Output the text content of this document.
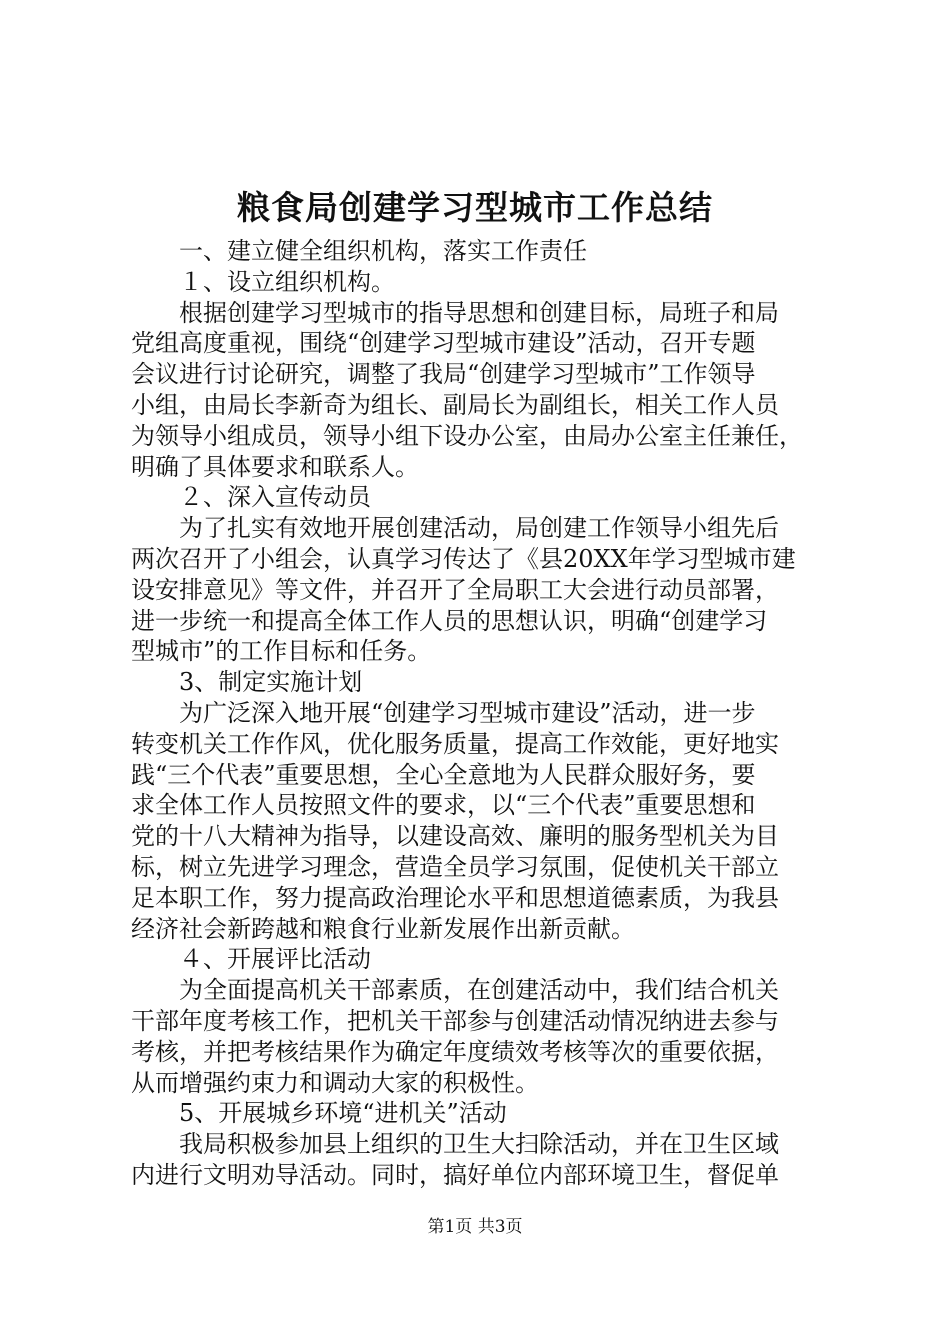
粮食局创建学习型城市工作总结
一、建立健全组织机构，落实工作责任
１、设立组织机构。
根据创建学习型城市的指导思想和创建目标，局班子和局
党组高度重视，围绕“创建学习型城市建设”活动，召开专题
会议进行讨论研究，调整了我局“创建学习型城市”工作领导
小组，由局长李新奇为组长、副局长为副组长，相关工作人员
为领导小组成员，领导小组下设办公室，由局办公室主任兼任，
明确了具体要求和联系人。
２、深入宣传动员
为了扎实有效地开展创建活动，局创建工作领导小组先后
两次召开了小组会，认真学习传达了《县20XX年学习型城市建
设安排意见》等文件，并召开了全局职工大会进行动员部署，
进一步统一和提高全体工作人员的思想认识，明确“创建学习
型城市”的工作目标和任务。
3、制定实施计划
为广泛深入地开展“创建学习型城市建设”活动，进一步
转变机关工作作风，优化服务质量，提高工作效能，更好地实
践“三个代表”重要思想，全心全意地为人民群众服好务，要
求全体工作人员按照文件的要求，以“三个代表”重要思想和
党的十八大精神为指导，以建设高效、廉明的服务型机关为目
标，树立先进学习理念，营造全员学习氛围，促使机关干部立
足本职工作，努力提高政治理论水平和思想道德素质，为我县
经济社会新跨越和粮食行业新发展作出新贡献。
４、开展评比活动
为全面提高机关干部素质，在创建活动中，我们结合机关
干部年度考核工作，把机关干部参与创建活动情况纳进去参与
考核，并把考核结果作为确定年度绩效考核等次的重要依据，
从而增强约束力和调动大家的积极性。
5、开展城乡环境“进机关”活动
我局积极参加县上组织的卫生大扫除活动，并在卫生区域
内进行文明劝导活动。同时，搞好单位内部环境卫生，督促单
第1页 共3页
